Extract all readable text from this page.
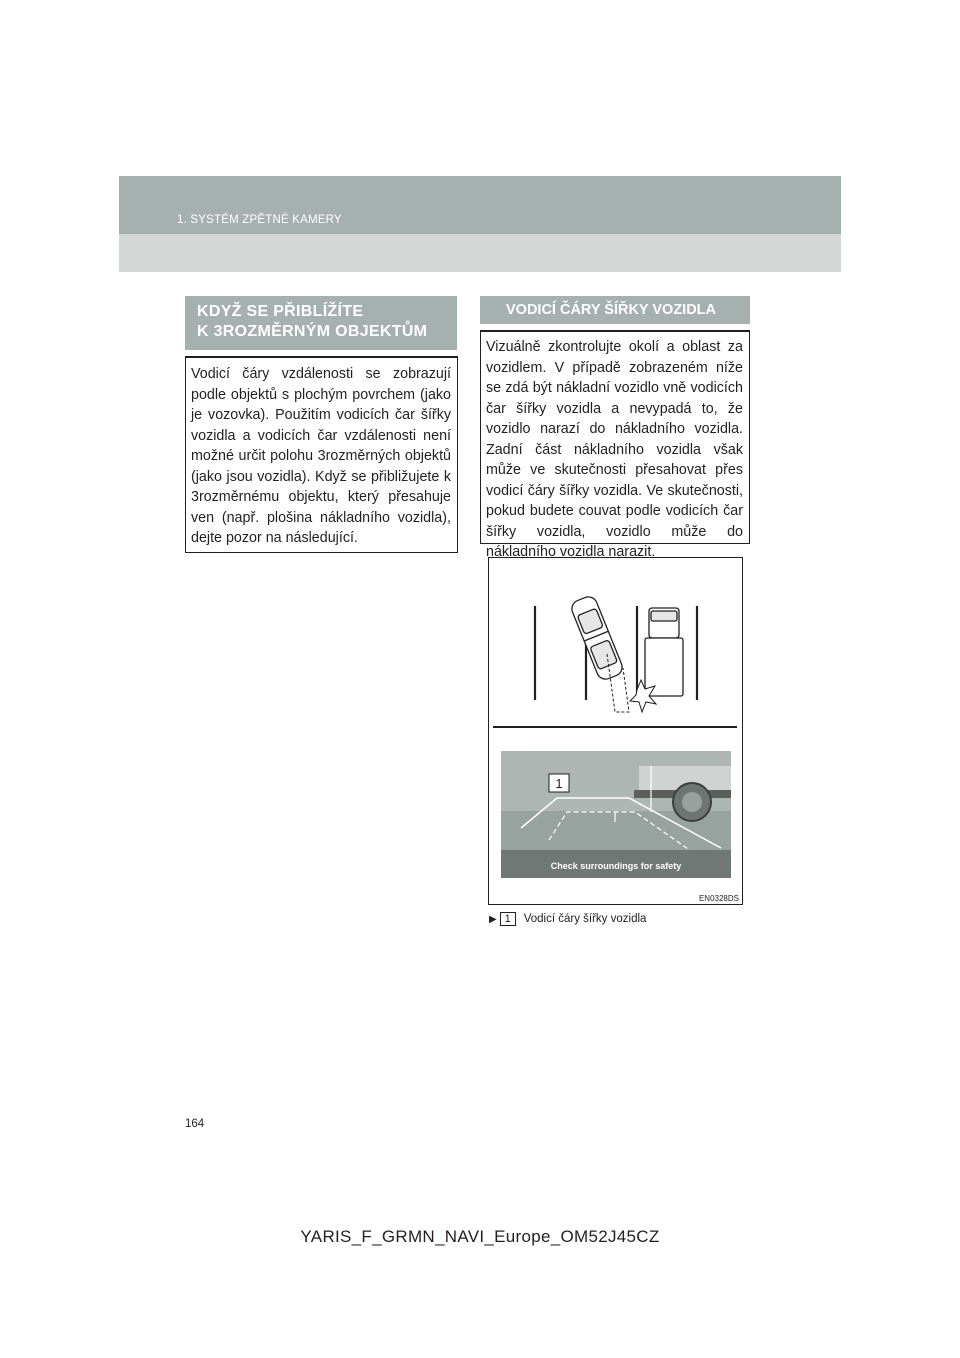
1. SYSTÉM ZPĚTNÉ KAMERY
KDYŽ SE PŘIBLÍŽÍTE
K 3ROZMĚRNÝM OBJEKTŮM
Vodicí čáry vzdálenosti se zobrazují podle objektů s plochým povrchem (jako je vozovka). Použitím vodicích čar šířky vozidla a vodicích čar vzdálenosti není možné určit polohu 3rozměrných objektů (jako jsou vozidla). Když se přibližujete k 3rozměrnému objektu, který přesahuje ven (např. plošina nákladního vozidla), dejte pozor na následující.
VODICÍ ČÁRY ŠÍŘKY VOZIDLA
Vizuálně zkontrolujte okolí a oblast za vozidlem. V případě zobrazeném níže se zdá být nákladní vozidlo vně vodicích čar šířky vozidla a nevypadá to, že vozidlo narazí do nákladního vozidla. Zadní část nákladního vozidla však může ve skutečnosti přesahovat přes vodicí čáry šířky vozidla. Ve skutečnosti, pokud budete couvat podle vodicích čar šířky vozidla, vozidlo může do nákladního vozidla narazit.
1
Check surroundings for safety
EN0328DS
▶ 1	Vodicí čáry šířky vozidla
164
YARIS_F_GRMN_NAVI_Europe_OM52J45CZ
